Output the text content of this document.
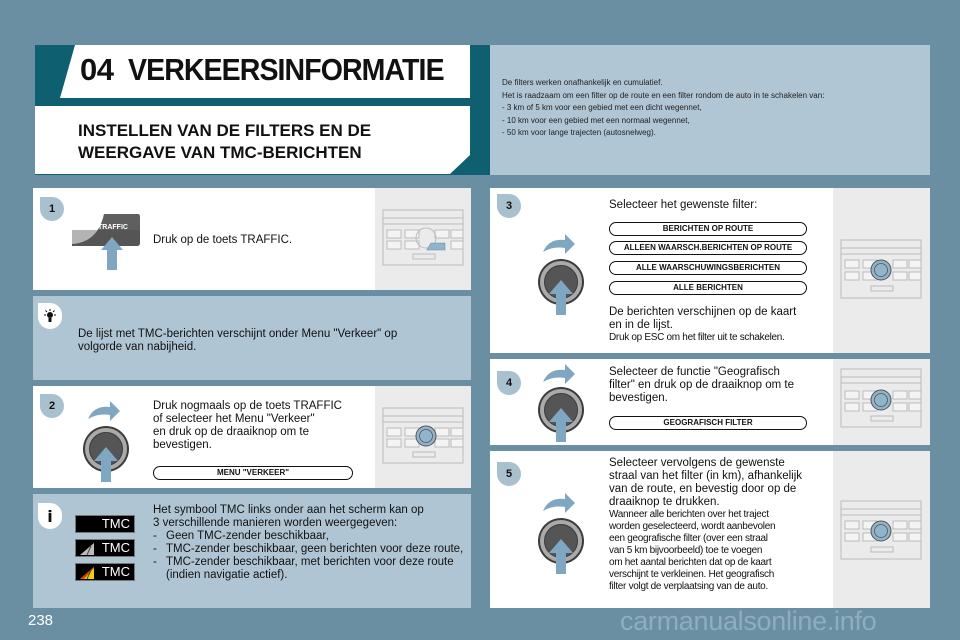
04 VERKEERSINFORMATIE
INSTELLEN VAN DE FILTERS EN DE
WEERGAVE VAN TMC-BERICHTEN
De filters werken onafhankelijk en cumulatief.
Het is raadzaam om een filter op de route en een filter rondom de auto in te schakelen van:
- 3 km of 5 km voor een gebied met een dicht wegennet,
- 10 km voor een gebied met een normaal wegennet,
- 50 km voor lange trajecten (autosnelweg).
1
TRAFFIC
Druk op de toets TRAFFIC.
De lijst met TMC-berichten verschijnt onder Menu "Verkeer" op
volgorde van nabijheid.
2	Druk nogmaals op de toets TRAFFIC
of selecteer het Menu "Verkeer"
en druk op de draaiknop om te
bevestigen.
MENU "VERKEER"
i	TMC
TMC
TMC
Het symbool TMC links onder aan het scherm kan op
3 verschillende manieren worden weergegeven:
- Geen TMC-zender beschikbaar,
- TMC-zender beschikbaar, geen berichten voor deze route,
- TMC-zender beschikbaar, met berichten voor deze route (indien navigatie actief).
3	Selecteer het gewenste filter:
BERICHTEN OP ROUTE
ALLEEN WAARSCH.BERICHTEN OP ROUTE
ALLE WAARSCHUWINGSBERICHTEN
ALLE BERICHTEN
De berichten verschijnen op de kaart
en in de lijst.
Druk op ESC om het filter uit te schakelen.
4
Selecteer de functie "Geografisch
filter" en druk op de draaiknop om te
bevestigen.
GEOGRAFISCH FILTER
5
Selecteer vervolgens de gewenste
straal van het filter (in km), afhankelijk
van de route, en bevestig door op de
draaiknop te drukken.
Wanneer alle berichten over het traject
worden geselecteerd, wordt aanbevolen
een geografische filter (over een straal
van 5 km bijvoorbeeld) toe te voegen
om het aantal berichten dat op de kaart
verschijnt te verkleinen. Het geografisch
filter volgt de verplaatsing van de auto.
238	carmanualsonline.info
